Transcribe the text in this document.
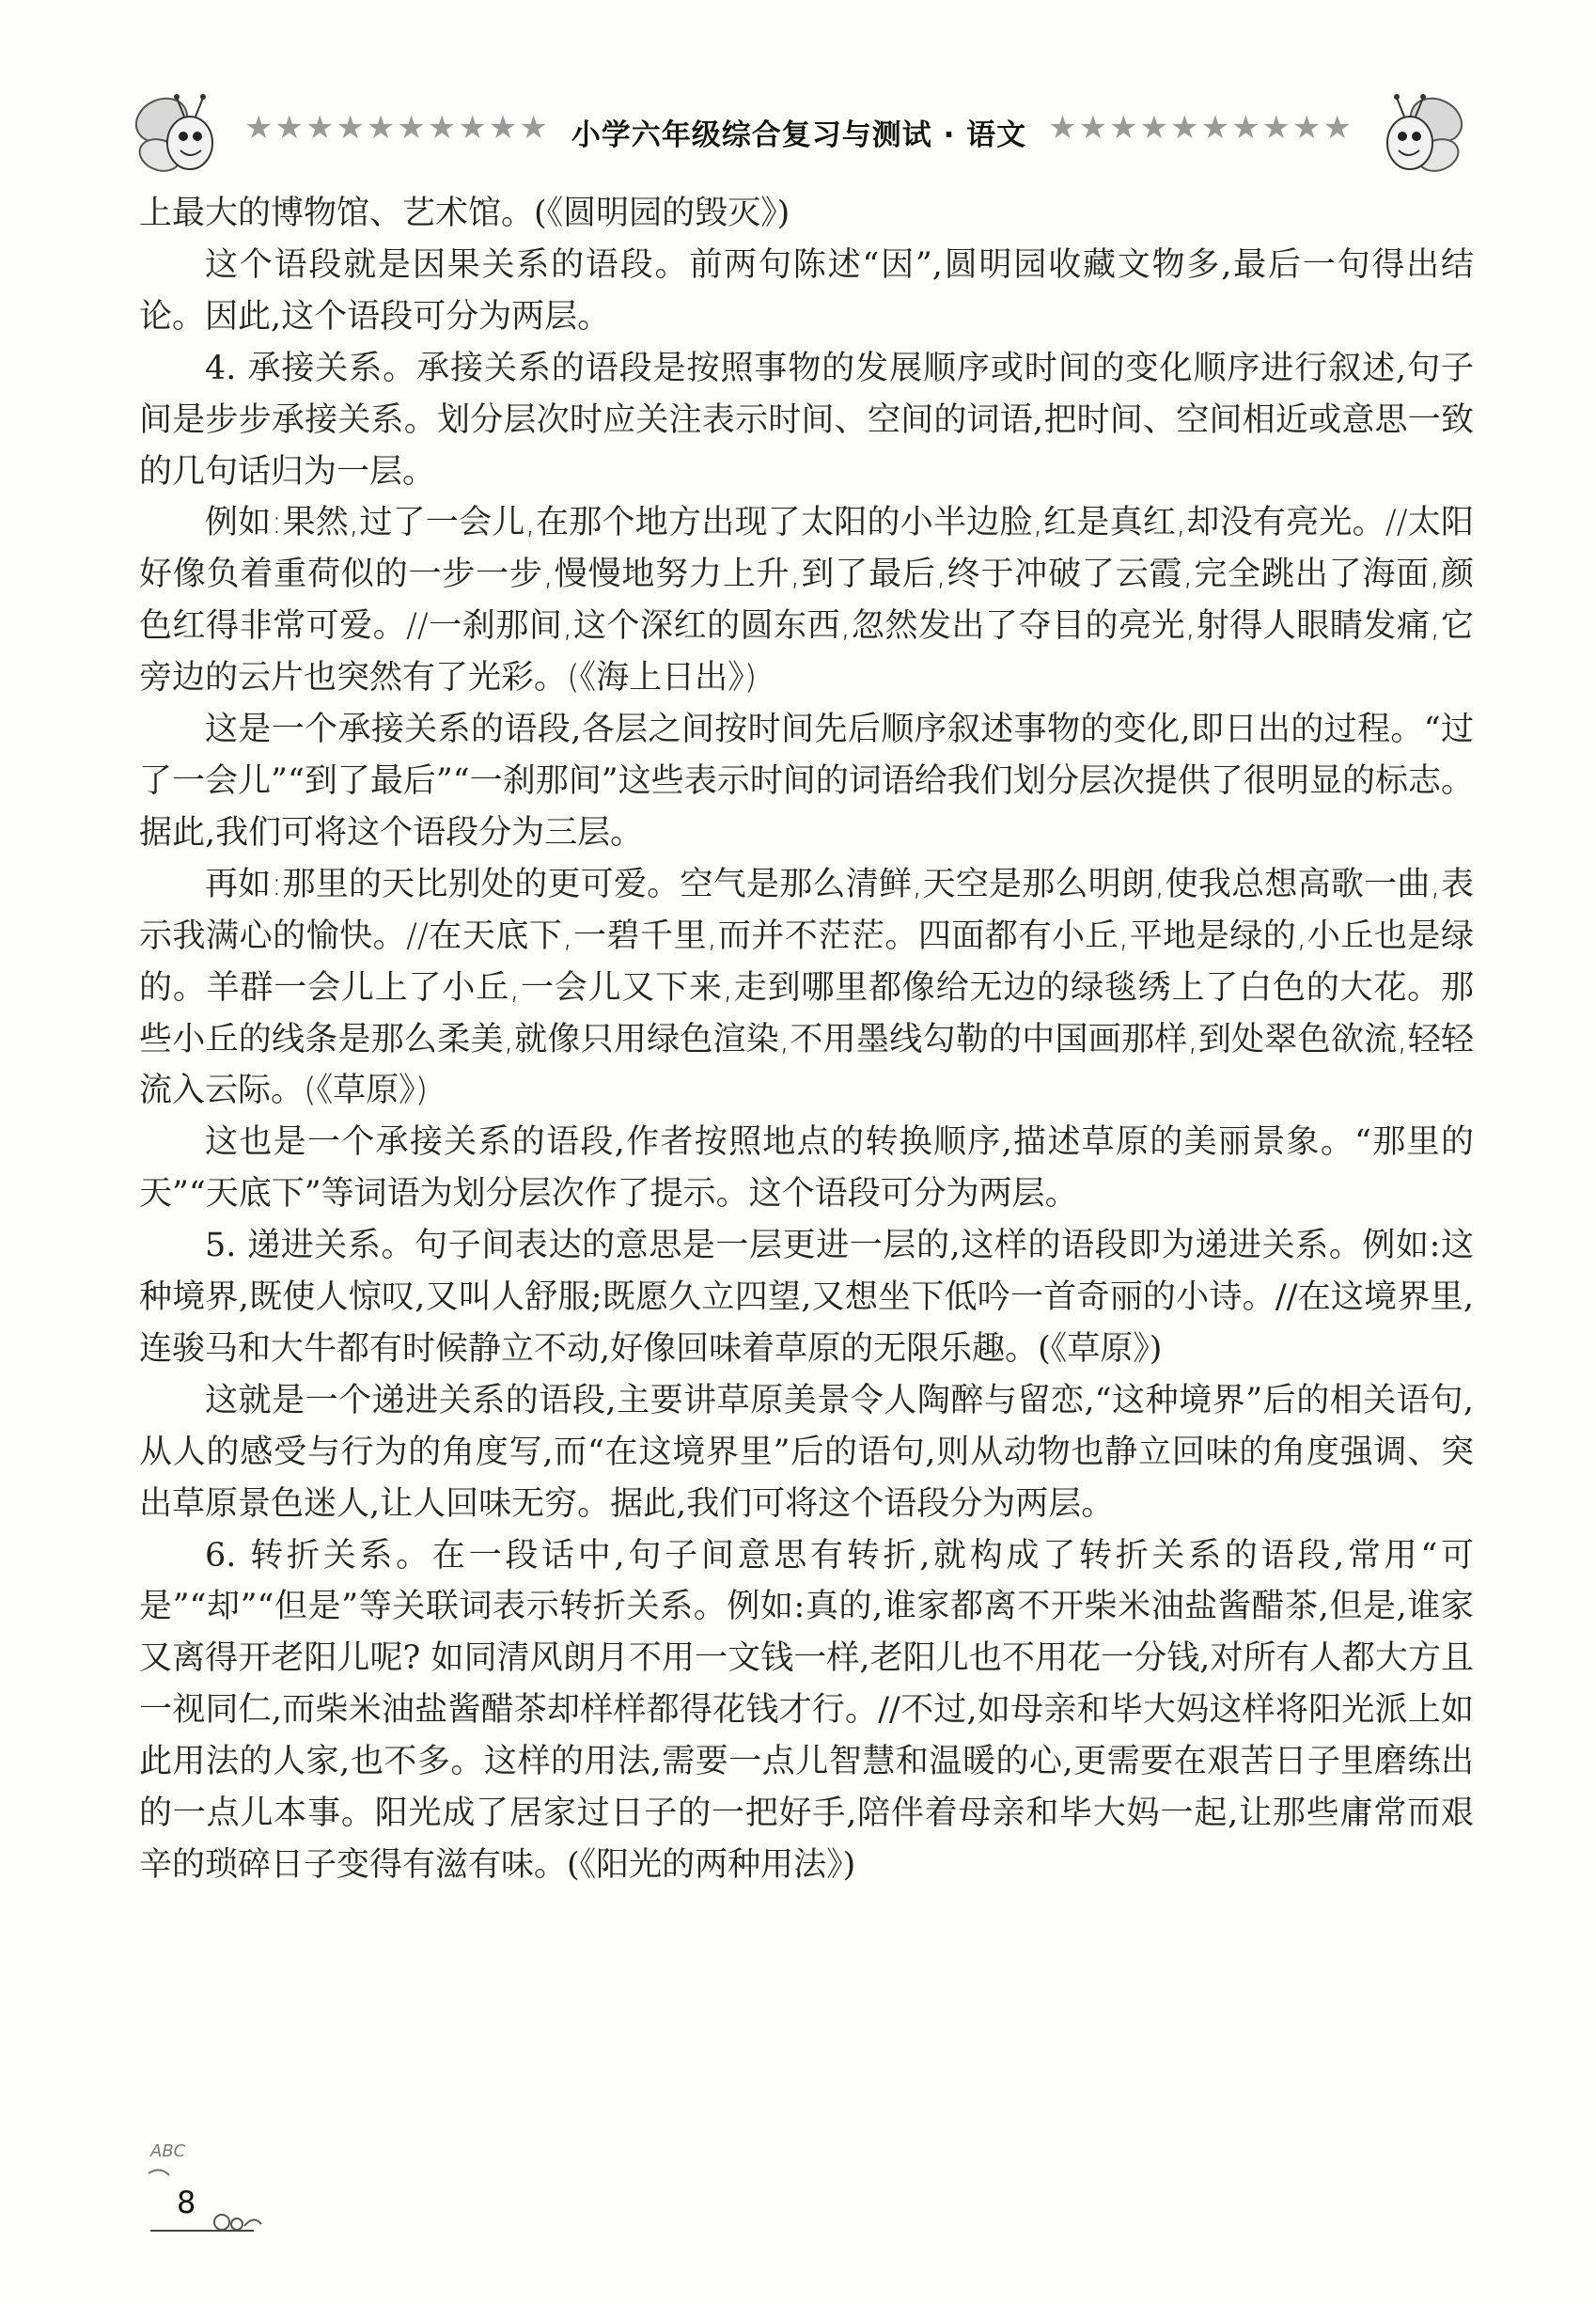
★★★★★★★★★★ 小学六年级综合复习与测试 · 语文 ★★★★★★★★★★

上最大的博物馆、艺术馆。(《圆明园的毁灭》)

这个语段就是因果关系的语段。前两句陈述“因”,圆明园收藏文物多,最后一句得出结论。因此,这个语段可分为两层。

4. 承接关系。承接关系的语段是按照事物的发展顺序或时间的变化顺序进行叙述,句子间是步步承接关系。划分层次时应关注表示时间、空间的词语,把时间、空间相近或意思一致的几句话归为一层。

例如:果然,过了一会儿,在那个地方出现了太阳的小半边脸,红是真红,却没有亮光。//太阳好像负着重荷似的一步一步,慢慢地努力上升,到了最后,终于冲破了云霞,完全跳出了海面,颜色红得非常可爱。//一刹那间,这个深红的圆东西,忽然发出了夺目的亮光,射得人眼睛发痛,它旁边的云片也突然有了光彩。(《海上日出》)

这是一个承接关系的语段,各层之间按时间先后顺序叙述事物的变化,即日出的过程。“过了一会儿”“到了最后”“一刹那间”这些表示时间的词语给我们划分层次提供了很明显的标志。据此,我们可将这个语段分为三层。

再如:那里的天比别处的更可爱。空气是那么清鲜,天空是那么明朗,使我总想高歌一曲,表示我满心的愉快。//在天底下,一碧千里,而并不茫茫。四面都有小丘,平地是绿的,小丘也是绿的。羊群一会儿上了小丘,一会儿又下来,走到哪里都像给无边的绿毯绣上了白色的大花。那些小丘的线条是那么柔美,就像只用绿色渲染,不用墨线勾勒的中国画那样,到处翠色欲流,轻轻流入云际。(《草原》)

这也是一个承接关系的语段,作者按照地点的转换顺序,描述草原的美丽景象。“那里的天”“天底下”等词语为划分层次作了提示。这个语段可分为两层。

5. 递进关系。句子间表达的意思是一层更进一层的,这样的语段即为递进关系。例如:这种境界,既使人惊叹,又叫人舒服;既愿久立四望,又想坐下低吟一首奇丽的小诗。//在这境界里,连骏马和大牛都有时候静立不动,好像回味着草原的无限乐趣。(《草原》)

这就是一个递进关系的语段,主要讲草原美景令人陶醉与留恋,“这种境界”后的相关语句,从人的感受与行为的角度写,而“在这境界里”后的语句,则从动物也静立回味的角度强调、突出草原景色迷人,让人回味无穷。据此,我们可将这个语段分为两层。

6. 转折关系。在一段话中,句子间意思有转折,就构成了转折关系的语段,常用“可是”“却”“但是”等关联词表示转折关系。例如:真的,谁家都离不开柴米油盐酱醋茶,但是,谁家又离得开老阳儿呢? 如同清风朗月不用一文钱一样,老阳儿也不用花一分钱,对所有人都大方且一视同仁,而柴米油盐酱醋茶却样样都得花钱才行。//不过,如母亲和毕大妈这样将阳光派上如此用法的人家,也不多。这样的用法,需要一点儿智慧和温暖的心,更需要在艰苦日子里磨练出的一点儿本事。阳光成了居家过日子的一把好手,陪伴着母亲和毕大妈一起,让那些庸常而艰辛的琐碎日子变得有滋有味。(《阳光的两种用法》)

ABC
8
